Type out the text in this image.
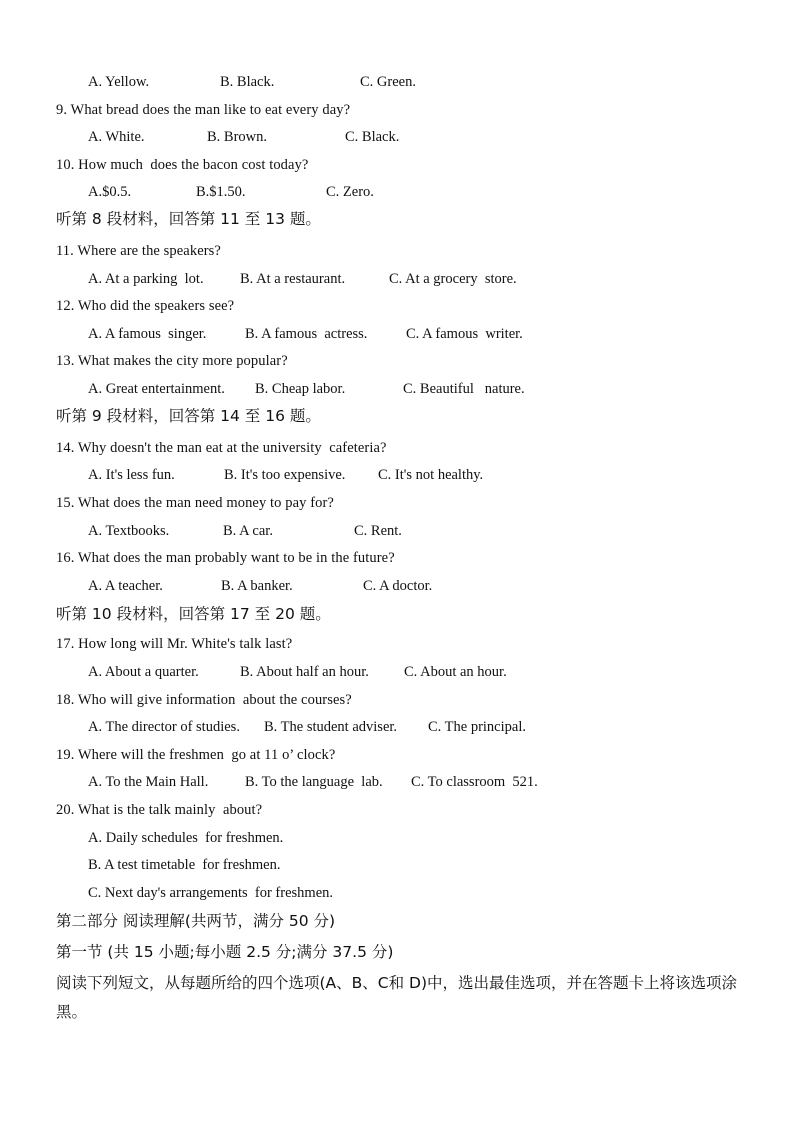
A. Yellow.	B. Black.	C. Green.
9. What bread does the man like to eat every day?
A. White.	B. Brown.	C. Black.
10. How much  does the bacon cost today?
A.$0.5.	B.$1.50.	C. Zero.
听第 8 段材料，回答第 11 至 13 题。
11. Where are the speakers?
A. At a parking  lot.	B. At a restaurant.	C. At a grocery  store.
12. Who did the speakers see?
A. A famous  singer.	B. A famous  actress.	C. A famous  writer.
13. What makes the city more popular?
A. Great entertainment. B. Cheap labor.	C. Beautiful   nature.
听第 9 段材料，回答第 14 至 16 题。
14. Why doesn't the man eat at the university  cafeteria?
A. It's less fun.	B. It's too expensive. C. It's not healthy.
15. What does the man need money to pay for?
A. Textbooks.	B. A car.	C. Rent.
16. What does the man probably want to be in the future?
A. A teacher.	B. A banker.	C. A doctor.
听第 10 段材料，回答第 17 至 20 题。
17. How long will Mr. White's talk last?
A. About a quarter.	B. About half an hour. C. About an hour.
18. Who will give information  about the courses?
A. The director of studies. B. The student adviser. C. The principal.
19. Where will the freshmen  go at 11 o’ clock?
A. To the Main Hall.	B. To the language  lab. C. To classroom  521.
20. What is the talk mainly  about?
A. Daily schedules  for freshmen.
B. A test timetable  for freshmen.
C. Next day's arrangements  for freshmen.
第二部分 阅读理解(共两节，满分 50 分)
第一节 (共 15 小题;每小题 2.5 分;满分 37.5 分)
阅读下列短文，从每题所给的四个选项(A、B、C和 D)中，选出最佳选项，并在答题卡上将该选项涂黑。
